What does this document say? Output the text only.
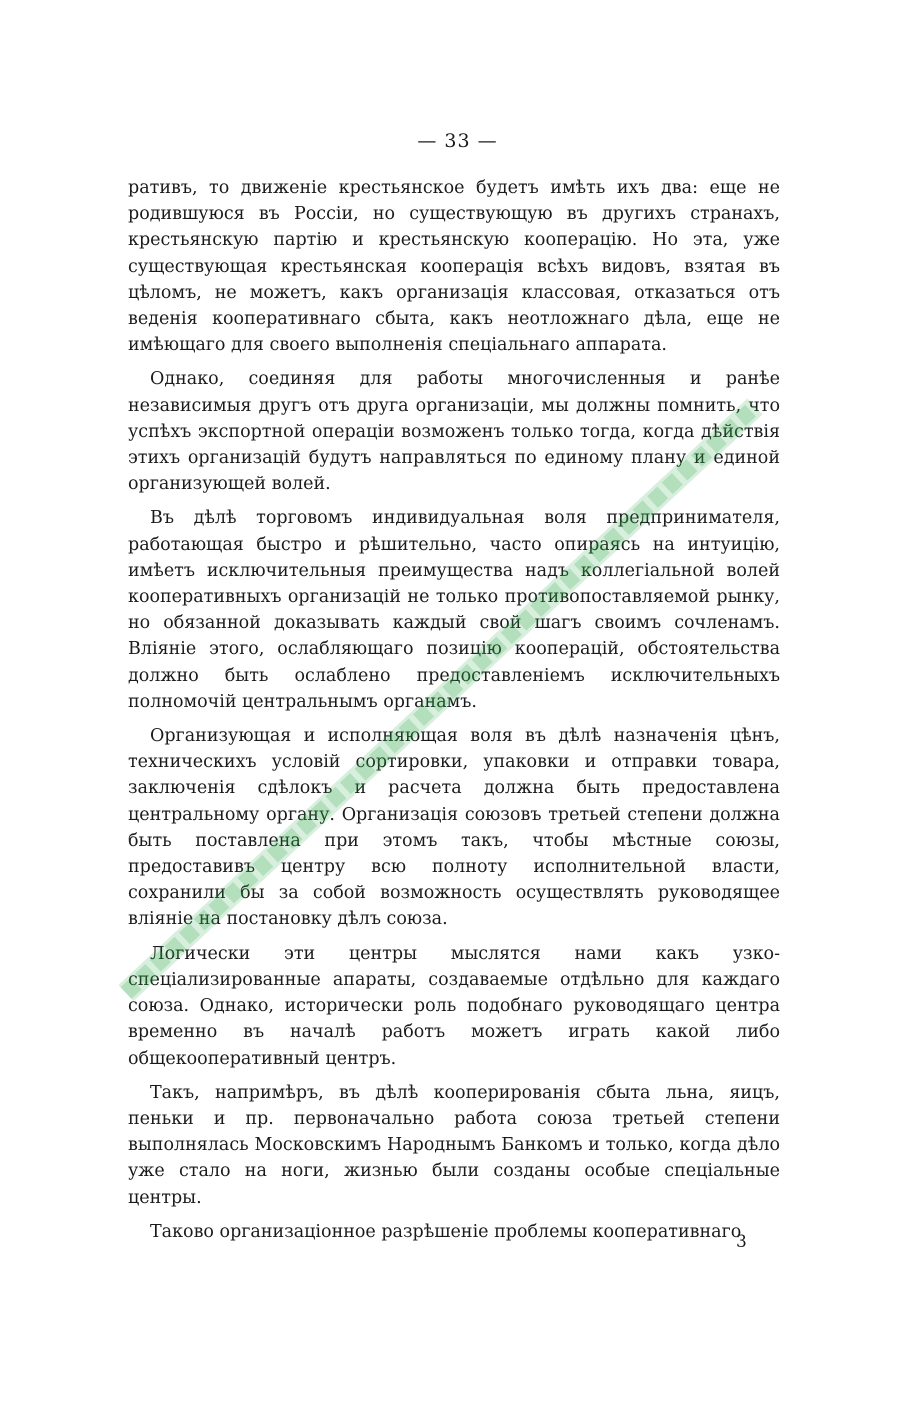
— 33 —

ративъ, то движеніе крестьянское будетъ имѣть ихъ два: еще не родившуюся въ Россіи, но существующую въ другихъ странахъ, крестьянскую партію и крестьянскую кооперацію. Но эта, уже существующая крестьянская кооперація всѣхъ видовъ, взятая въ цѣломъ, не можетъ, какъ организація классовая, отказаться отъ веденія кооперативнаго сбыта, какъ неотложнаго дѣла, еще не имѣющаго для своего выполненія спеціальнаго аппарата.

Однако, соединяя для работы многочисленныя и ранѣе независимыя другъ отъ друга организаціи, мы должны помнить, что успѣхъ экспортной операціи возможенъ только тогда, когда дѣйствія этихъ организацій будутъ направляться по единому плану и единой организующей волей.

Въ дѣлѣ торговомъ индивидуальная воля предпринимателя, работающая быстро и рѣшительно, часто опираясь на интуицію, имѣетъ исключительныя преимущества надъ коллегіальной волей кооперативныхъ организацій не только противопоставляемой рынку, но обязанной доказывать каждый свой шагъ своимъ сочленамъ. Вліяніе этого, ослабляющаго позицію кооперацій, обстоятельства должно быть ослаблено предоставленіемъ исключительныхъ полномочій центральнымъ органамъ.

Организующая и исполняющая воля въ дѣлѣ назначенія цѣнъ, техническихъ условій сортировки, упаковки и отправки товара, заключенія сдѣлокъ и расчета должна быть предоставлена центральному органу. Организація союзовъ третьей степени должна быть поставлена при этомъ такъ, чтобы мѣстные союзы, предоставивъ центру всю полноту исполнительной власти, сохранили бы за собой возможность осуществлять руководящее вліяніе на постановку дѣлъ союза.

Логически эти центры мыслятся нами какъ узко-спеціализированные апараты, создаваемые отдѣльно для каждаго союза. Однако, исторически роль подобнаго руководящаго центра временно въ началѣ работъ можетъ играть какой либо общекооперативный центръ.

Такъ, напримѣръ, въ дѣлѣ кооперированія сбыта льна, яицъ, пеньки и пр. первоначально работа союза третьей степени выполнялась Московскимъ Народнымъ Банкомъ и только, когда дѣло уже стало на ноги, жизнью были созданы особые спеціальные центры.

Таково организаціонное разрѣшеніе проблемы кооперативнаго

3
